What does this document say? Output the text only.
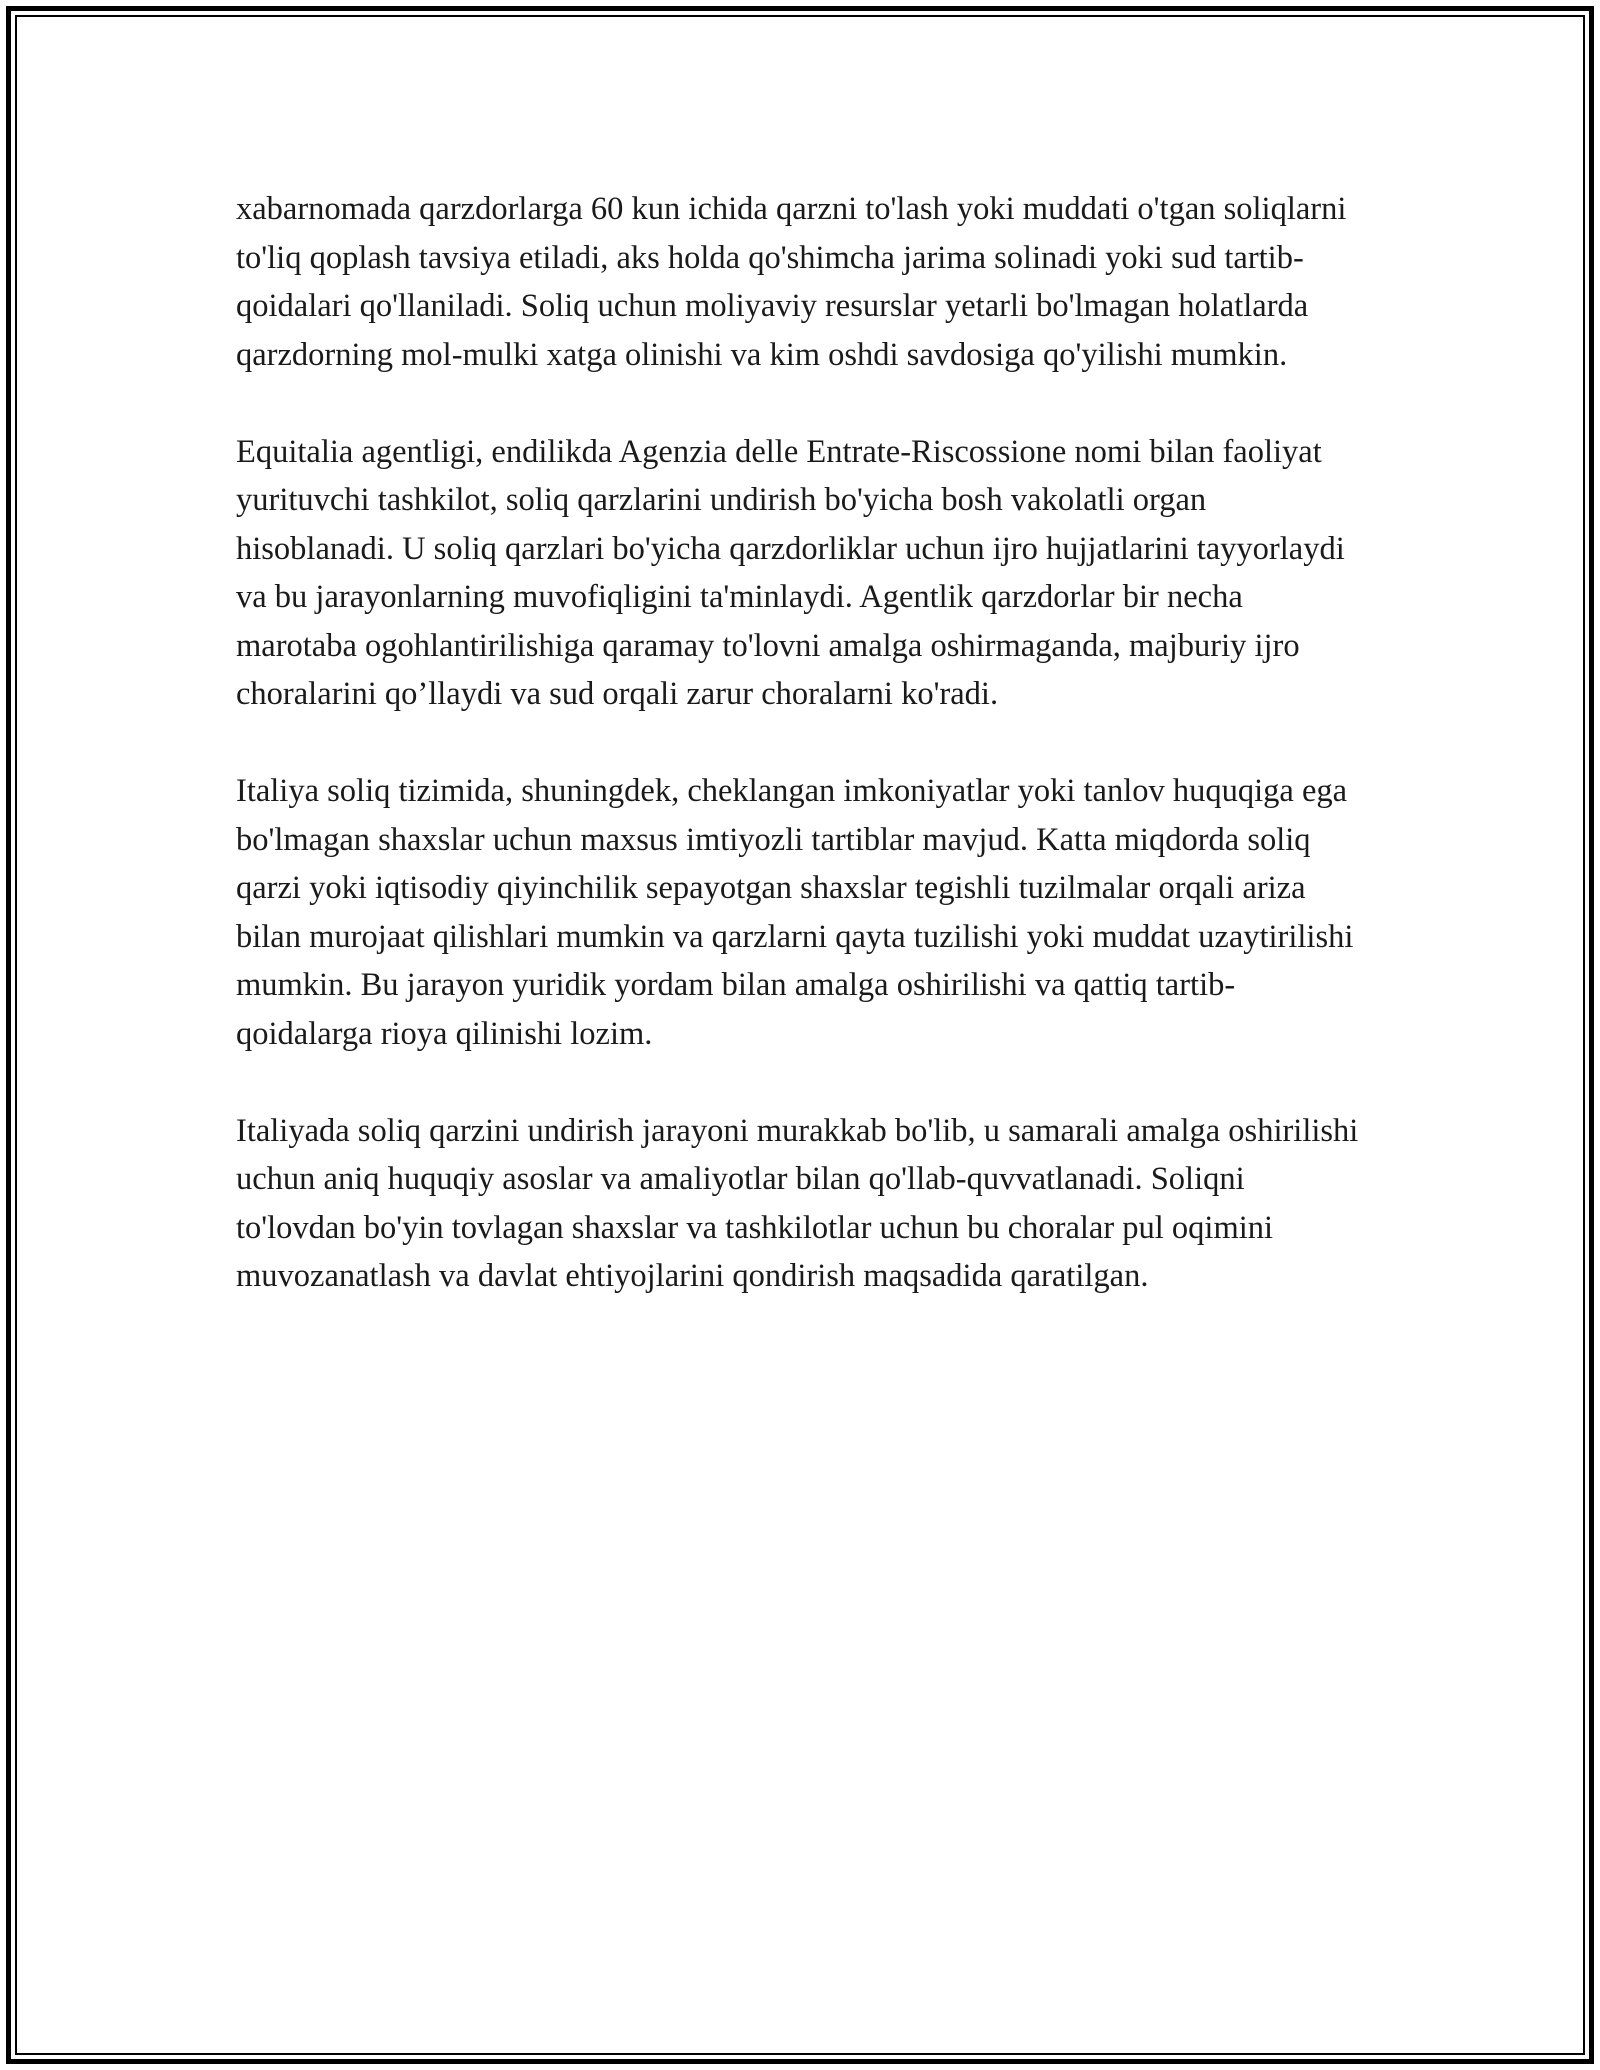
xabarnomada qarzdorlarga 60 kun ichida qarzni to'lash yoki muddati o'tgan soliqlarni to'liq qoplash tavsiya etiladi, aks holda qo'shimcha jarima solinadi yoki sud tartib-qoidalari qo'llaniladi. Soliq uchun moliyaviy resurslar yetarli bo'lmagan holatlarda qarzdorning mol-mulki xatga olinishi va kim oshdi savdosiga qo'yilishi mumkin.

Equitalia agentligi, endilikda Agenzia delle Entrate-Riscossione nomi bilan faoliyat yurituvchi tashkilot, soliq qarzlarini undirish bo'yicha bosh vakolatli organ hisoblanadi. U soliq qarzlari bo'yicha qarzdorliklar uchun ijro hujjatlarini tayyorlaydi va bu jarayonlarning muvofiqligini ta'minlaydi. Agentlik qarzdorlar bir necha marotaba ogohlantirilishiga qaramay to'lovni amalga oshirmaganda, majburiy ijro choralarini qo’llaydi va sud orqali zarur choralarni ko'radi.

Italiya soliq tizimida, shuningdek, cheklangan imkoniyatlar yoki tanlov huquqiga ega bo'lmagan shaxslar uchun maxsus imtiyozli tartiblar mavjud. Katta miqdorda soliq qarzi yoki iqtisodiy qiyinchilik sepayotgan shaxslar tegishli tuzilmalar orqali ariza bilan murojaat qilishlari mumkin va qarzlarni qayta tuzilishi yoki muddat uzaytirilishi mumkin. Bu jarayon yuridik yordam bilan amalga oshirilishi va qattiq tartib-qoidalarga rioya qilinishi lozim.

Italiyada soliq qarzini undirish jarayoni murakkab bo'lib, u samarali amalga oshirilishi uchun aniq huquqiy asoslar va amaliyotlar bilan qo'llab-quvvatlanadi. Soliqni to'lovdan bo'yin tovlagan shaxslar va tashkilotlar uchun bu choralar pul oqimini muvozanatlash va davlat ehtiyojlarini qondirish maqsadida qaratilgan.
